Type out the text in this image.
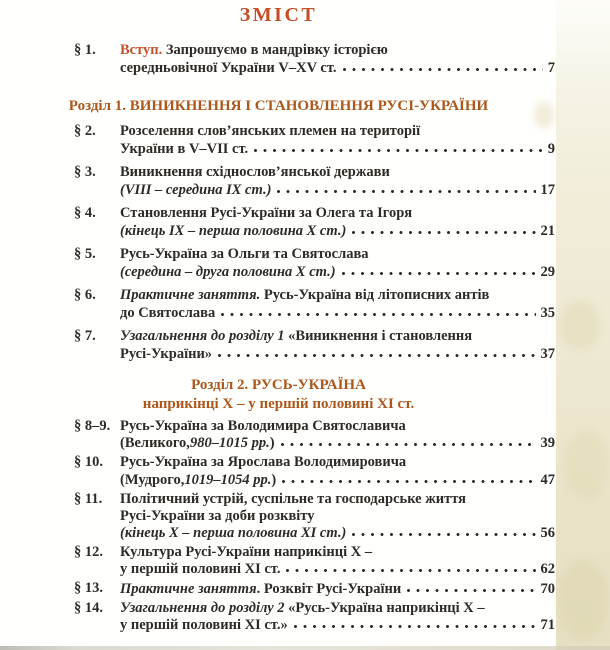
ЗМІСТ
§ 1.	Вступ. Запрошуємо в мандрівку історією
середньовічної України V–XV ст.	7
Розділ 1. ВИНИКНЕННЯ І СТАНОВЛЕННЯ РУСІ-УКРАЇНИ
§ 2.	Розселення слов’янських племен на території
України в V–VII ст.	9
§ 3.	Виникнення східнослов’янської держави
(VIII – середина IX ст.)	17
§ 4.	Становлення Русі-України за Олега та Ігоря
(кінець IX – перша половина X ст.)	21
§ 5.	Русь-Україна за Ольги та Святослава
(середина – друга половина X ст.)	29
§ 6.	Практичне заняття. Русь-Україна від літописних антів
до Святослава	35
§ 7.	Узагальнення до розділу 1 «Виникнення і становлення
Русі-України»	37
Розділ 2. РУСЬ-УКРАЇНА
наприкінці X – у першій половині XI ст.
§ 8–9. Русь-Україна за Володимира Святославича
(Великого, 980–1015 рр. )	39
§ 10.	Русь-Україна за Ярослава Володимировича
(Мудрого, 1019–1054 рр. )	47
§ 11.	Політичний устрій, суспільне та господарське життя
Русі-України за доби розквіту
(кінець X – перша половина XI ст.)	56
§ 12.	Культура Русі-України наприкінці X –
у першій половині XI ст.	62
§ 13.	Практичне заняття . Розквіт Русі-України	70
§ 14.	Узагальнення до розділу 2 «Русь-Україна наприкінці X –
у першій половині XI ст.»	71
